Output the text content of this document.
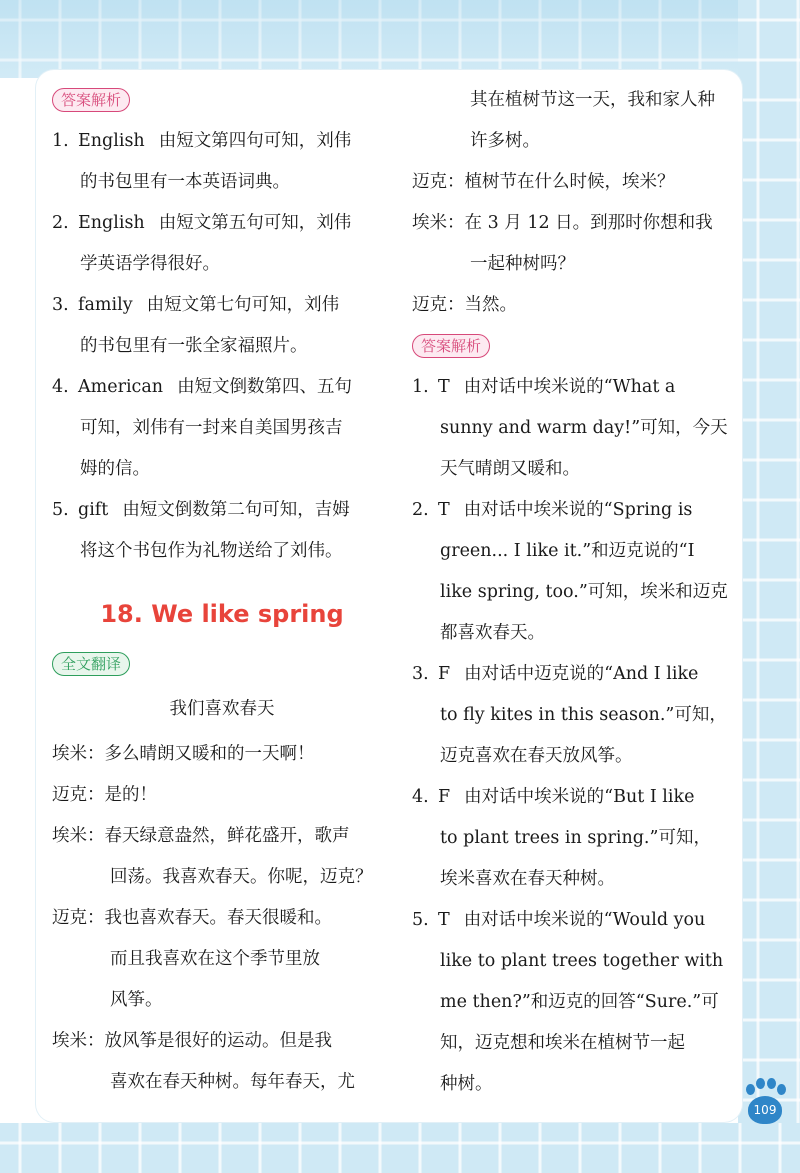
答案解析

1. English 由短文第四句可知，刘伟

的书包里有一本英语词典。

2. English 由短文第五句可知，刘伟

学英语学得很好。

3. family 由短文第七句可知，刘伟

的书包里有一张全家福照片。

4. American 由短文倒数第四、五句

可知，刘伟有一封来自美国男孩吉

姆的信。

5. gift 由短文倒数第二句可知，吉姆

将这个书包作为礼物送给了刘伟。

18. We like spring
全文翻译

我们喜欢春天

埃米：多么晴朗又暖和的一天啊！

迈克：是的！

埃米：春天绿意盎然，鲜花盛开，歌声

回荡。我喜欢春天。你呢，迈克？

迈克：我也喜欢春天。春天很暖和。

而且我喜欢在这个季节里放

风筝。

埃米：放风筝是很好的运动。但是我

喜欢在春天种树。每年春天，尤

其在植树节这一天，我和家人种

许多树。

迈克：植树节在什么时候，埃米？

埃米：在 3 月 12 日。到那时你想和我

一起种树吗？

迈克：当然。

答案解析

1. T 由对话中埃米说的“What a

sunny and warm day!”可知，今天

天气晴朗又暖和。

2. T 由对话中埃米说的“Spring is

green... I like it.”和迈克说的“I

like spring, too.”可知，埃米和迈克

都喜欢春天。

3. F 由对话中迈克说的“And I like

to fly kites in this season.”可知，

迈克喜欢在春天放风筝。

4. F 由对话中埃米说的“But I like

to plant trees in spring.”可知，

埃米喜欢在春天种树。

5. T 由对话中埃米说的“Would you

like to plant trees together with

me then?”和迈克的回答“Sure.”可

知，迈克想和埃米在植树节一起

种树。

109
